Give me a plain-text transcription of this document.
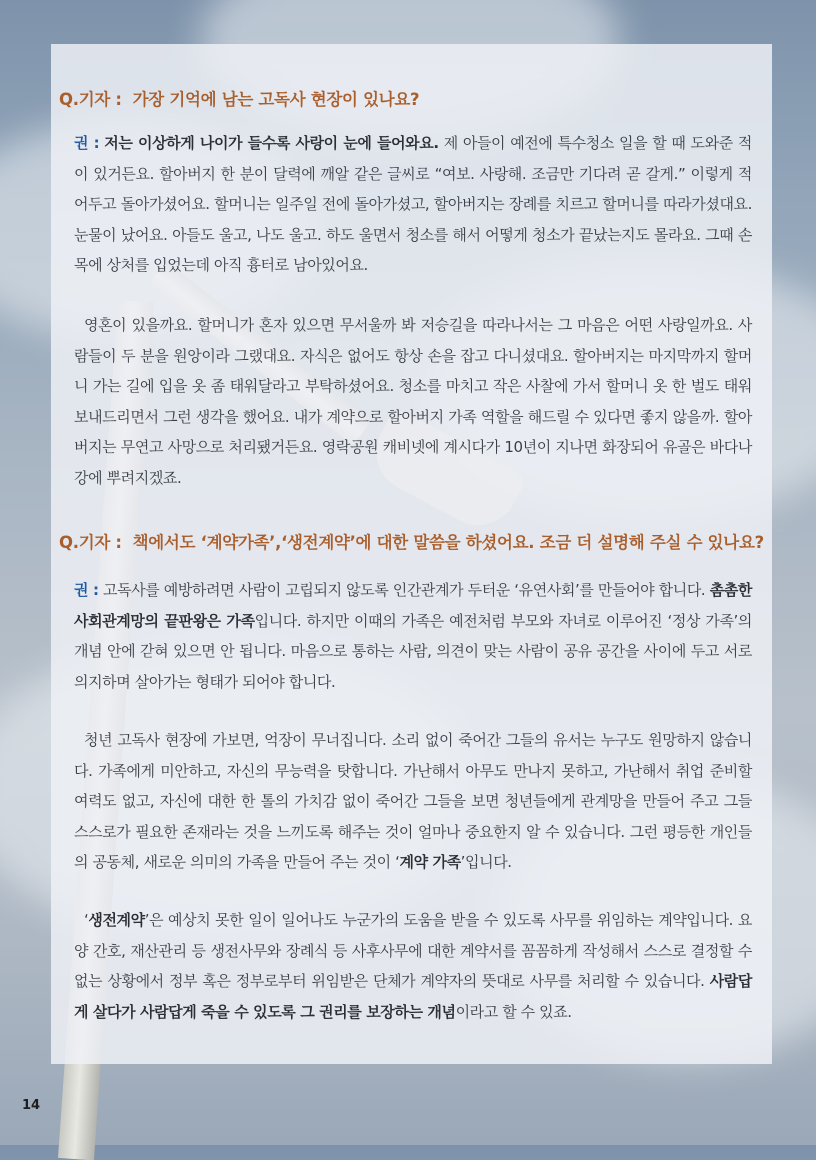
Q.기자 : 가장 기억에 남는 고독사 현장이 있나요?
권 : 저는 이상하게 나이가 들수록 사랑이 눈에 들어와요. 제 아들이 예전에 특수청소 일을 할 때 도와준 적이 있거든요. 할아버지 한 분이 달력에 깨알 같은 글씨로 “여보. 사랑해. 조금만 기다려 곧 갈게.” 이렇게 적어두고 돌아가셨어요. 할머니는 일주일 전에 돌아가셨고, 할아버지는 장례를 치르고 할머니를 따라가셨대요. 눈물이 났어요. 아들도 울고, 나도 울고. 하도 울면서 청소를 해서 어떻게 청소가 끝났는지도 몰라요. 그때 손목에 상처를 입었는데 아직 흉터로 남아있어요.
영혼이 있을까요. 할머니가 혼자 있으면 무서울까 봐 저승길을 따라나서는 그 마음은 어떤 사랑일까요. 사람들이 두 분을 원앙이라 그랬대요. 자식은 없어도 항상 손을 잡고 다니셨대요. 할아버지는 마지막까지 할머니 가는 길에 입을 옷 좀 태워달라고 부탁하셨어요. 청소를 마치고 작은 사찰에 가서 할머니 옷 한 벌도 태워 보내드리면서 그런 생각을 했어요. 내가 계약으로 할아버지 가족 역할을 해드릴 수 있다면 좋지 않을까. 할아버지는 무연고 사망으로 처리됐거든요. 영락공원 캐비넷에 계시다가 10년이 지나면 화장되어 유골은 바다나 강에 뿌려지겠죠.
Q.기자 : 책에서도 ‘계약가족’,‘생전계약’에 대한 말씀을 하셨어요. 조금 더 설명해 주실 수 있나요?
권 : 고독사를 예방하려면 사람이 고립되지 않도록 인간관계가 두터운 ‘유연사회’를 만들어야 합니다. 촘촘한 사회관계망의 끝판왕은 가족입니다. 하지만 이때의 가족은 예전처럼 부모와 자녀로 이루어진 ‘정상 가족’의 개념 안에 갇혀 있으면 안 됩니다. 마음으로 통하는 사람, 의견이 맞는 사람이 공유 공간을 사이에 두고 서로 의지하며 살아가는 형태가 되어야 합니다.
청년 고독사 현장에 가보면, 억장이 무너집니다. 소리 없이 죽어간 그들의 유서는 누구도 원망하지 않습니다. 가족에게 미안하고, 자신의 무능력을 탓합니다. 가난해서 아무도 만나지 못하고, 가난해서 취업 준비할 여력도 없고, 자신에 대한 한 톨의 가치감 없이 죽어간 그들을 보면 청년들에게 관계망을 만들어 주고 그들 스스로가 필요한 존재라는 것을 느끼도록 해주는 것이 얼마나 중요한지 알 수 있습니다. 그런 평등한 개인들의 공동체, 새로운 의미의 가족을 만들어 주는 것이 ‘계약 가족’입니다.
‘생전계약’은 예상치 못한 일이 일어나도 누군가의 도움을 받을 수 있도록 사무를 위임하는 계약입니다. 요양 간호, 재산관리 등 생전사무와 장례식 등 사후사무에 대한 계약서를 꼼꼼하게 작성해서 스스로 결정할 수 없는 상황에서 정부 혹은 정부로부터 위임받은 단체가 계약자의 뜻대로 사무를 처리할 수 있습니다. 사람답게 살다가 사람답게 죽을 수 있도록 그 권리를 보장하는 개념이라고 할 수 있죠.
14
